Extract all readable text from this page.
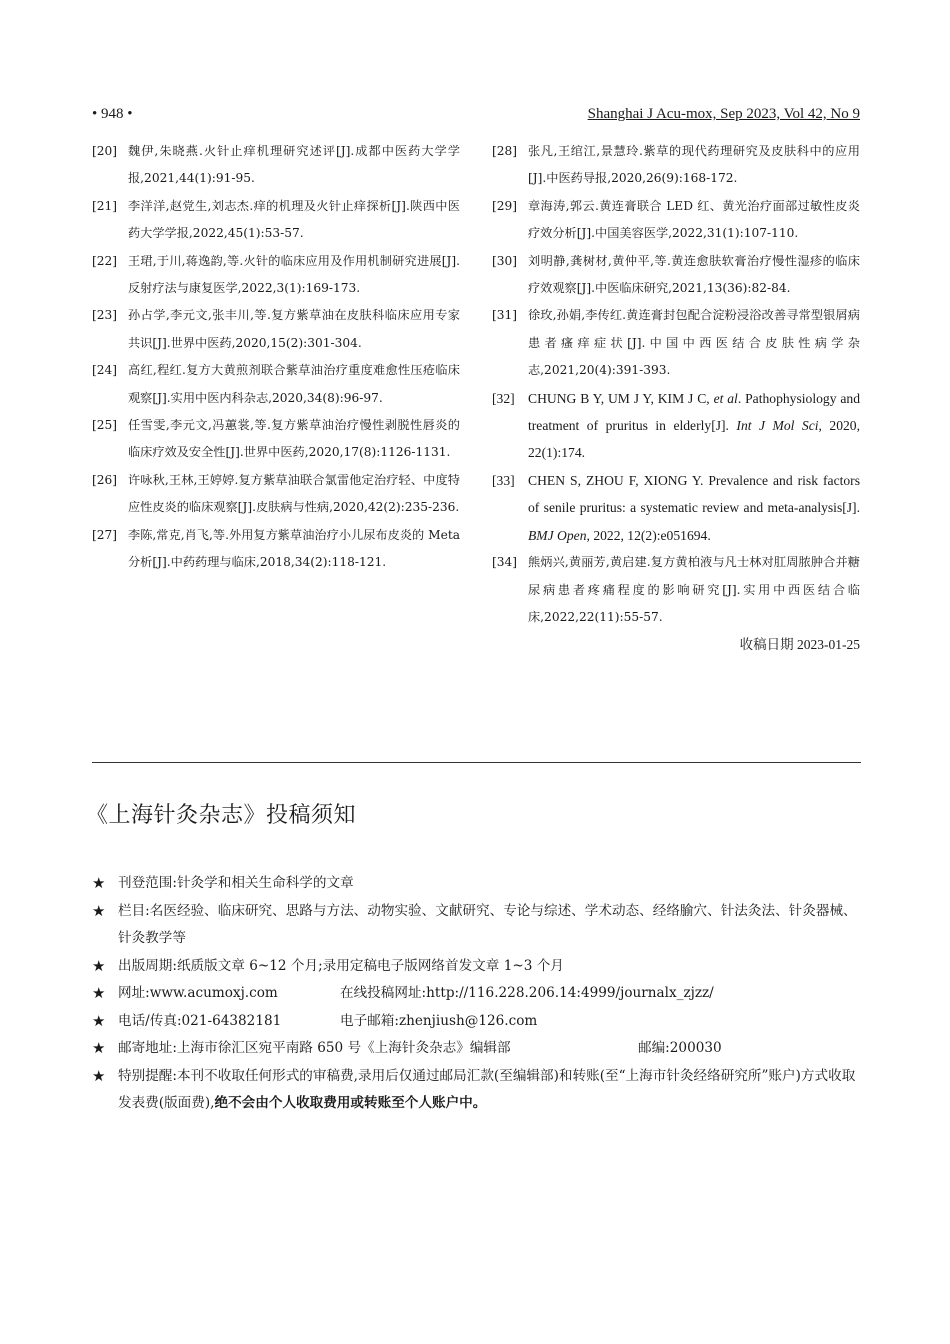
• 948 •	Shanghai J Acu-mox, Sep 2023, Vol 42, No 9
[20] 魏伊,朱晓燕.火针止痒机理研究述评[J].成都中医药大学学报,2021,44(1):91-95.
[21] 李洋洋,赵党生,刘志杰.痒的机理及火针止痒探析[J].陕西中医药大学学报,2022,45(1):53-57.
[22] 王珺,于川,蒋逸韵,等.火针的临床应用及作用机制研究进展[J].反射疗法与康复医学,2022,3(1):169-173.
[23] 孙占学,李元文,张丰川,等.复方紫草油在皮肤科临床应用专家共识[J].世界中医药,2020,15(2):301-304.
[24] 高红,程红.复方大黄煎剂联合紫草油治疗重度难愈性压疮临床观察[J].实用中医内科杂志,2020,34(8):96-97.
[25] 任雪雯,李元文,冯蕙裳,等.复方紫草油治疗慢性剥脱性唇炎的临床疗效及安全性[J].世界中医药,2020,17(8):1126-1131.
[26] 许咏秋,王林,王婷婷.复方紫草油联合氯雷他定治疗轻、中度特应性皮炎的临床观察[J].皮肤病与性病,2020,42(2):235-236.
[27] 李陈,常克,肖飞,等.外用复方紫草油治疗小儿尿布皮炎的 Meta 分析[J].中药药理与临床,2018,34(2):118-121.
[28] 张凡,王绾江,景慧玲.紫草的现代药理研究及皮肤科中的应用[J].中医药导报,2020,26(9):168-172.
[29] 章海涛,郭云.黄连膏联合 LED 红、黄光治疗面部过敏性皮炎疗效分析[J].中国美容医学,2022,31(1):107-110.
[30] 刘明静,龚树材,黄仲平,等.黄连愈肤软膏治疗慢性湿疹的临床疗效观察[J].中医临床研究,2021,13(36):82-84.
[31] 徐玫,孙娟,李传红.黄连膏封包配合淀粉浸浴改善寻常型银屑病患者瘙痒症状[J].中国中西医结合皮肤性病学杂志,2021,20(4):391-393.
[32] CHUNG B Y, UM J Y, KIM J C, et al. Pathophysiology and treatment of pruritus in elderly[J]. Int J Mol Sci, 2020, 22(1):174.
[33] CHEN S, ZHOU F, XIONG Y. Prevalence and risk factors of senile pruritus: a systematic review and meta-analysis[J]. BMJ Open, 2022, 12(2):e051694.
[34] 熊炳兴,黄丽芳,黄启建.复方黄柏液与凡士林对肛周脓肿合并糖尿病患者疼痛程度的影响研究[J].实用中西医结合临床,2022,22(11):55-57.
收稿日期 2023-01-25
《上海针灸杂志》投稿须知
★ 刊登范围:针灸学和相关生命科学的文章
★ 栏目:名医经验、临床研究、思路与方法、动物实验、文献研究、专论与综述、学术动态、经络腧穴、针法灸法、针灸器械、针灸教学等
★ 出版周期:纸质版文章 6~12 个月;录用定稿电子版网络首发文章 1~3 个月
★ 网址:www.acumoxj.com	在线投稿网址:http://116.228.206.14:4999/journalx_zjzz/
★ 电话/传真:021-64382181	电子邮箱:zhenjiush@126.com
★ 邮寄地址:上海市徐汇区宛平南路 650 号《上海针灸杂志》编辑部	邮编:200030
★ 特别提醒:本刊不收取任何形式的审稿费,录用后仅通过邮局汇款(至编辑部)和转账(至“上海市针灸经络研究所”账户)方式收取发表费(版面费),绝不会由个人收取费用或转账至个人账户中。
